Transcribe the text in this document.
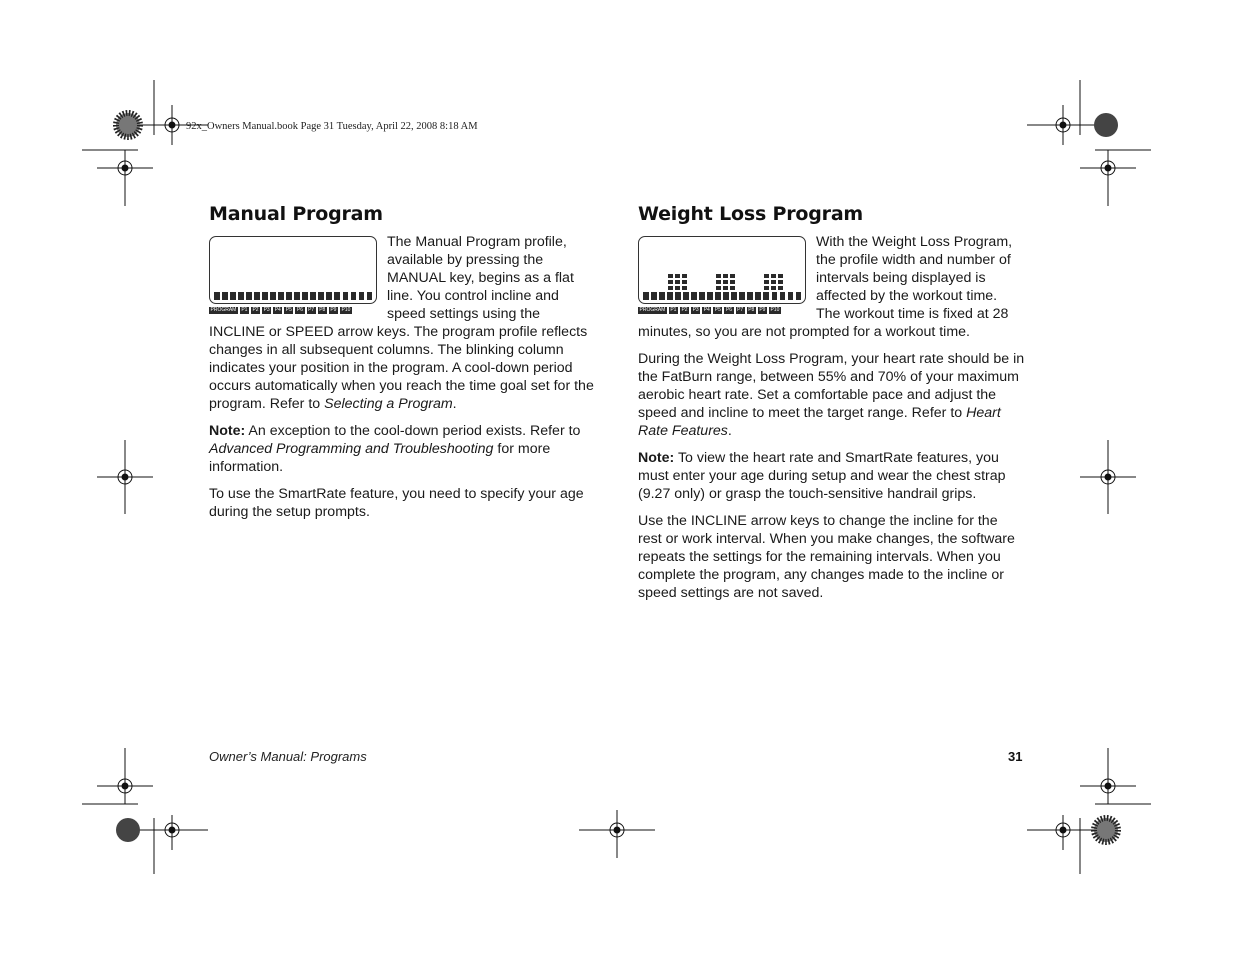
92x_Owners Manual.book Page 31 Tuesday, April 22, 2008 8:18 AM
Manual Program
PROGRAM	P1	P2	P3	P4	P5	P6	P7	P8	P9	P10

The Manual Program profile, available by pressing the MANUAL key, begins as a flat line. You control incline and speed settings using the INCLINE or SPEED arrow keys. The program profile reflects changes in all subsequent columns. The blinking column indicates your position in the program. A cool-down period occurs automatically when you reach the time goal set for the program. Refer to Selecting a Program.

Note: An exception to the cool-down period exists. Refer to Advanced Programming and Troubleshooting for more information.

To use the SmartRate feature, you need to specify your age during the setup prompts.

Weight Loss Program
PROGRAM	P1	P2	P3	P4	P5	P6	P7	P8	P9	P10

With the Weight Loss Program, the profile width and number of intervals being displayed is affected by the workout time. The workout time is fixed at 28 minutes, so you are not prompted for a workout time.

During the Weight Loss Program, your heart rate should be in the FatBurn range, between 55% and 70% of your maximum aerobic heart rate. Set a comfortable pace and adjust the speed and incline to meet the target range. Refer to Heart Rate Features.

Note: To view the heart rate and SmartRate features, you must enter your age during setup and wear the chest strap (9.27 only) or grasp the touch-sensitive handrail grips.

Use the INCLINE arrow keys to change the incline for the rest or work interval. When you make changes, the software repeats the settings for the remaining intervals. When you complete the program, any changes made to the incline or speed settings are not saved.

Owner’s Manual: Programs	31
